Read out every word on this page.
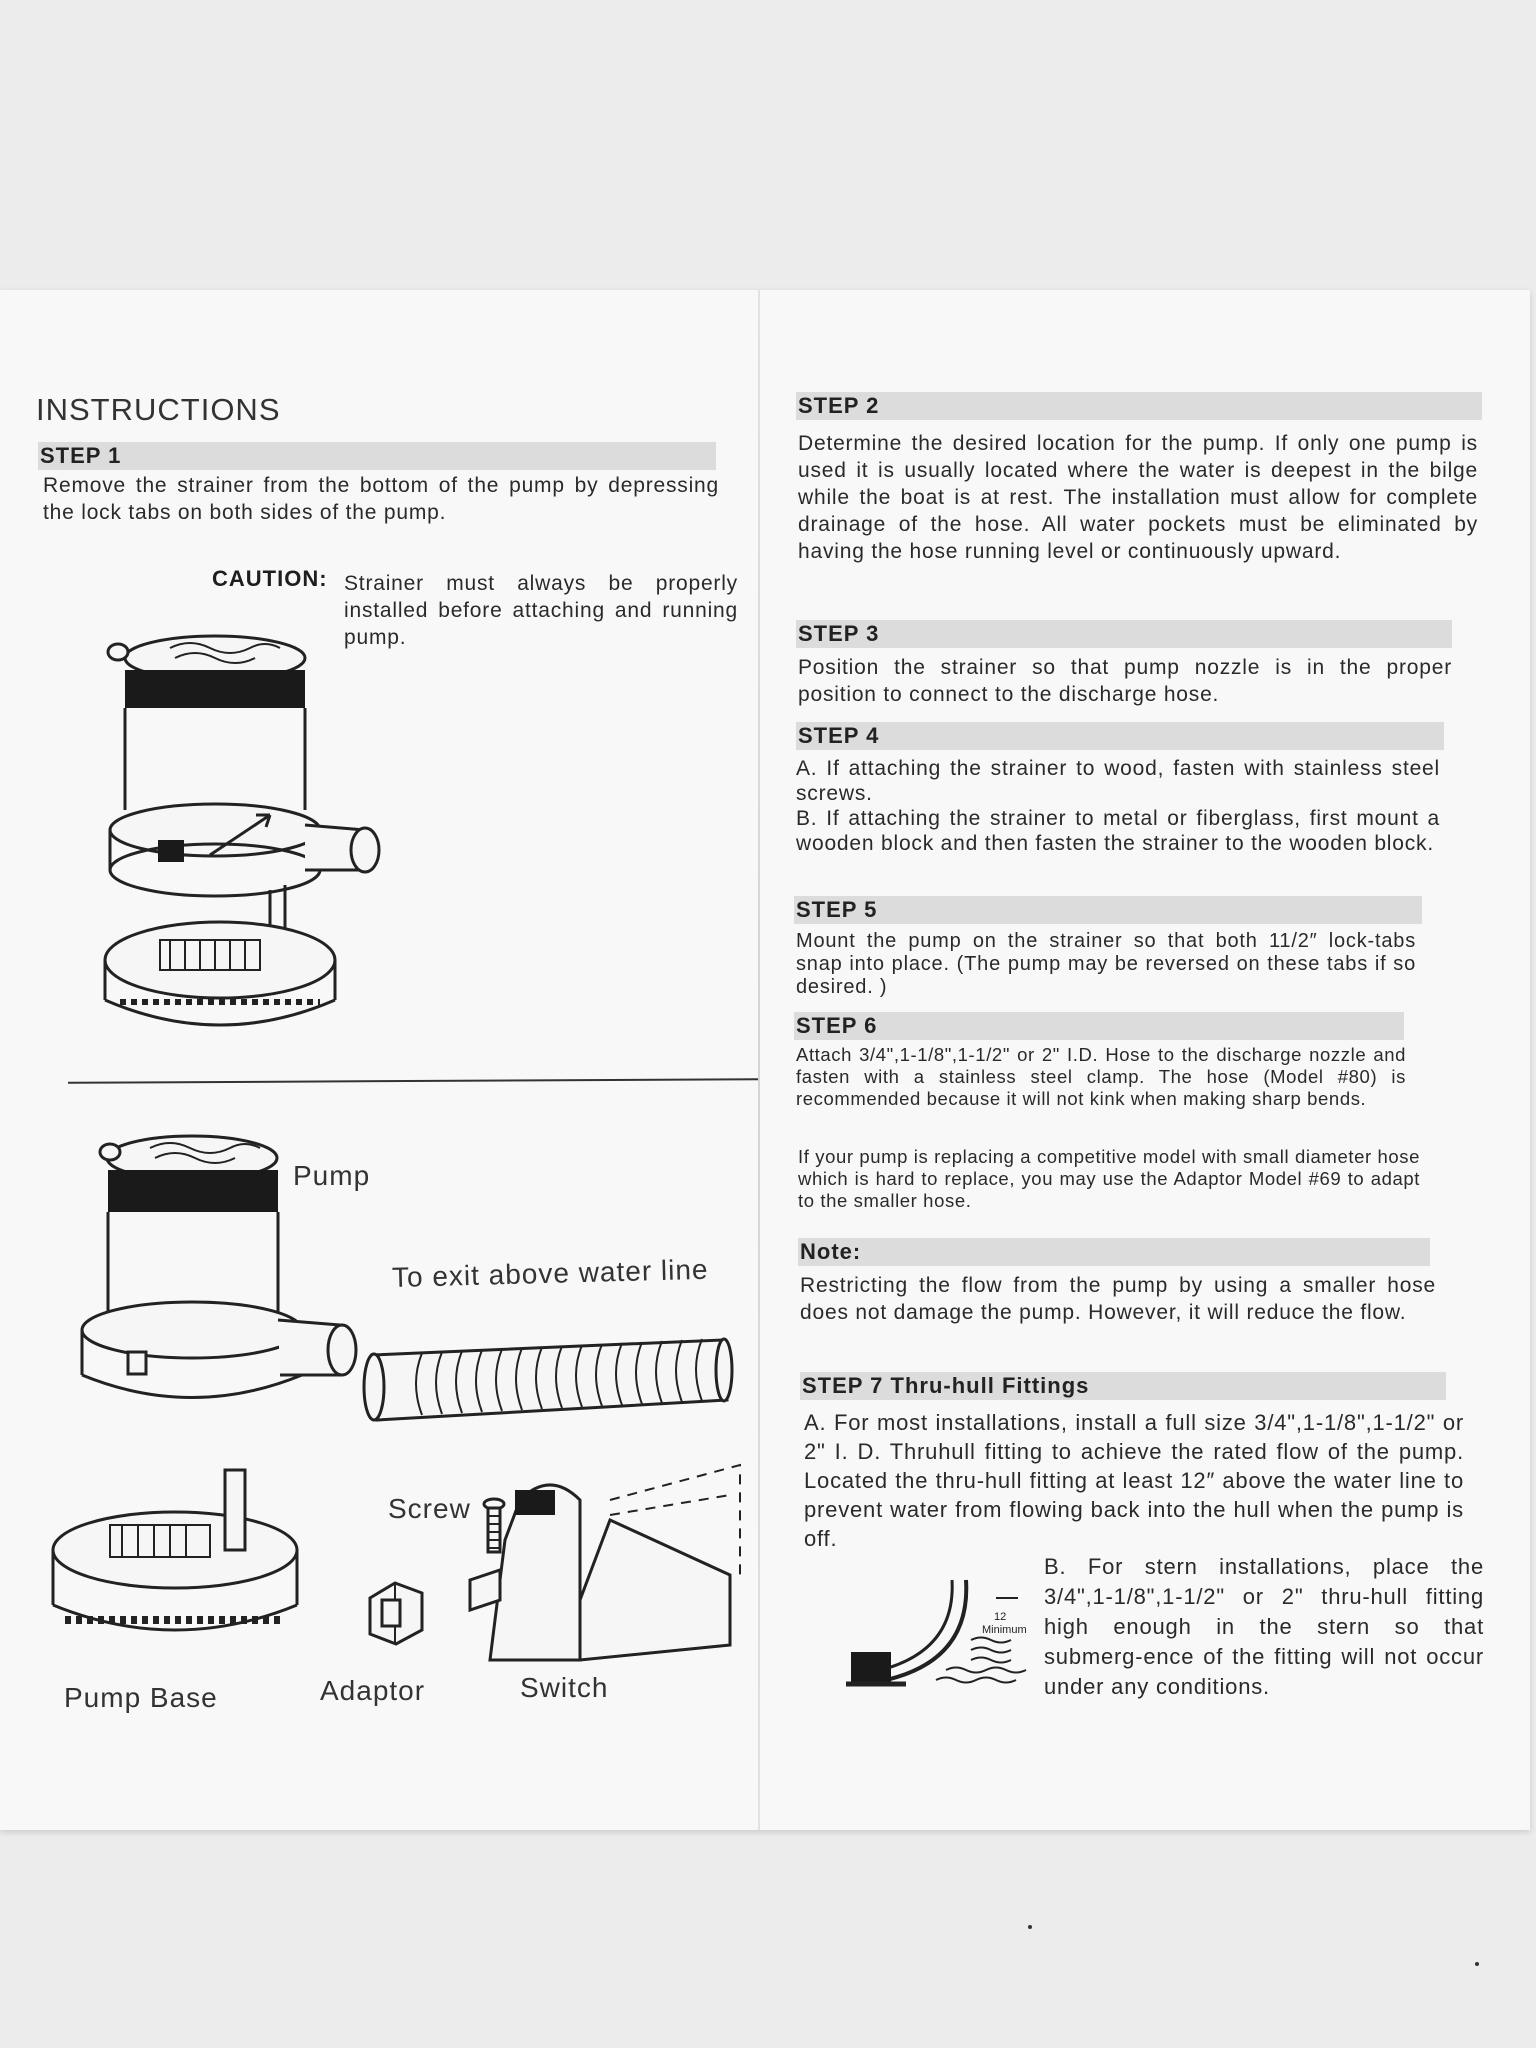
INSTRUCTIONS
STEP 1
Remove the strainer from the bottom of the pump by depressing the lock tabs on both sides of the pump.
CAUTION: Strainer must always be properly installed before attaching and running pump.
Pump
To exit above water line
Pump Base
Screw
Adaptor	Switch
STEP 2
Determine the desired location for the pump. If only one pump is used it is usually located where the water is deepest in the bilge while the boat is at rest. The installation must allow for complete drainage of the hose. All water pockets must be eliminated by having the hose running level or continuously upward.
STEP 3
Position the strainer so that pump nozzle is in the proper position to connect to the discharge hose.
STEP 4
A. If attaching the strainer to wood, fasten with stainless steel screws.
B. If attaching the strainer to metal or fiberglass, first mount a wooden block and then fasten the strainer to the wooden block.
STEP 5
Mount the pump on the strainer so that both 11/2″ lock-tabs snap into place. (The pump may be reversed on these tabs if so desired. )
STEP 6
Attach 3/4",1-1/8",1-1/2" or 2" I.D. Hose to the discharge nozzle and fasten with a stainless steel clamp. The hose (Model #80) is recommended because it will not kink when making sharp bends.
If your pump is replacing a competitive model with small diameter hose which is hard to replace, you may use the Adaptor Model #69 to adapt to the smaller hose.
Note:
Restricting the flow from the pump by using a smaller hose does not damage the pump. However, it will reduce the flow.
STEP 7 Thru-hull Fittings
A. For most installations, install a full size 3/4",1-1/8",1-1/2" or 2" I. D. Thruhull fitting to achieve the rated flow of the pump. Located the thru-hull fitting at least 12″ above the water line to prevent water from flowing back into the hull when the pump is off.
12
Minimum
B. For stern installations, place the 3/4",1-1/8",1-1/2" or 2" thru-hull fitting high enough in the stern so that submerg-ence of the fitting will not occur under any conditions.
